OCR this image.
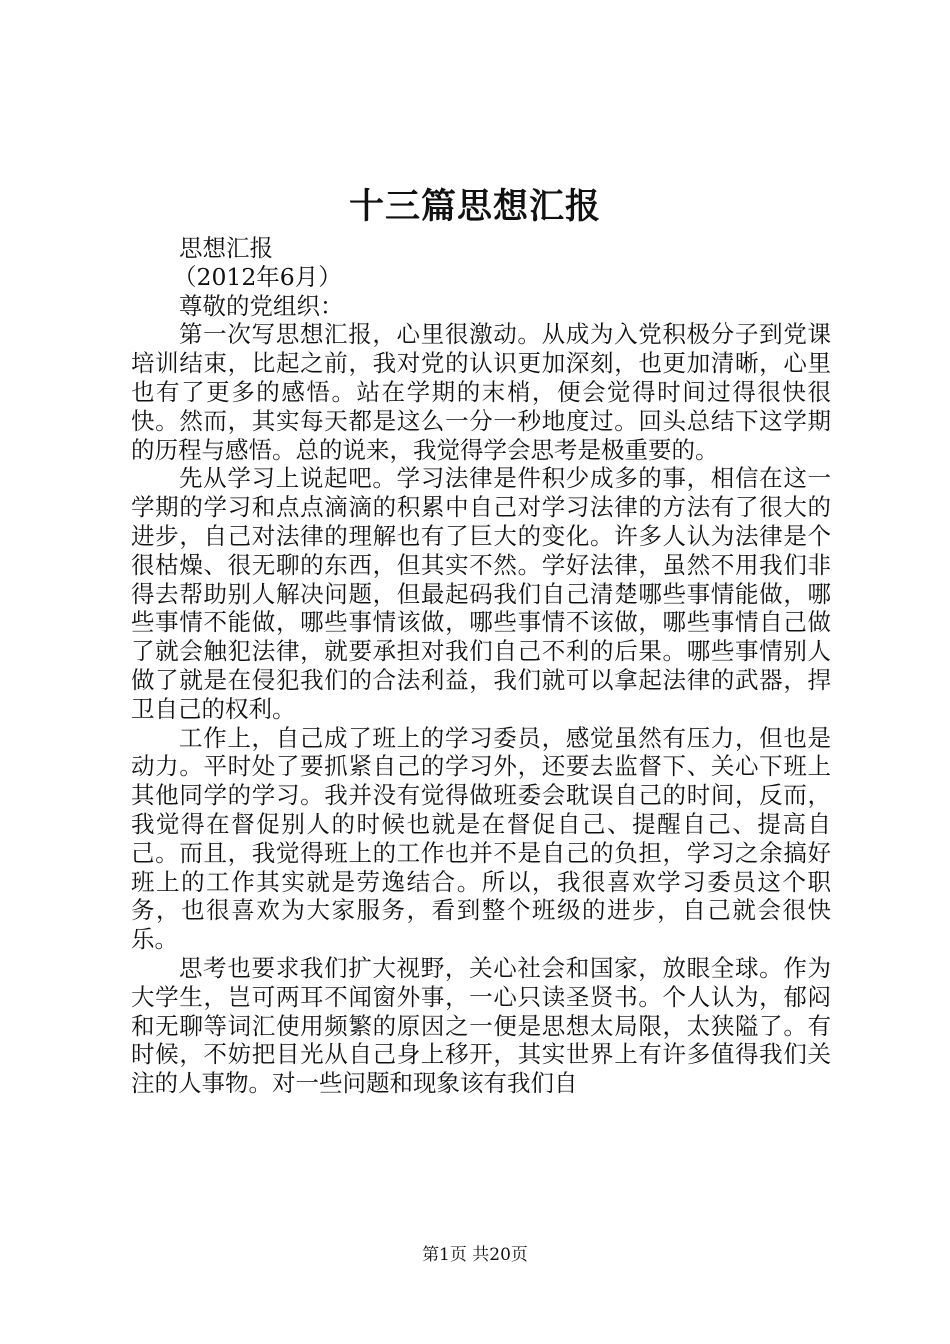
十三篇思想汇报

思想汇报

（2012年6月）

尊敬的党组织：

第一次写思想汇报，心里很激动。从成为入党积极分子到党课培训结束，比起之前，我对党的认识更加深刻，也更加清晰，心里也有了更多的感悟。站在学期的末梢，便会觉得时间过得很快很快。然而，其实每天都是这么一分一秒地度过。回头总结下这学期的历程与感悟。总的说来，我觉得学会思考是极重要的。

先从学习上说起吧。学习法律是件积少成多的事，相信在这一学期的学习和点点滴滴的积累中自己对学习法律的方法有了很大的进步，自己对法律的理解也有了巨大的变化。许多人认为法律是个很枯燥、很无聊的东西，但其实不然。学好法律，虽然不用我们非得去帮助别人解决问题，但最起码我们自己清楚哪些事情能做，哪些事情不能做，哪些事情该做，哪些事情不该做，哪些事情自己做了就会触犯法律，就要承担对我们自己不利的后果。哪些事情别人做了就是在侵犯我们的合法利益，我们就可以拿起法律的武器，捍卫自己的权利。

工作上，自己成了班上的学习委员，感觉虽然有压力，但也是动力。平时处了要抓紧自己的学习外，还要去监督下、关心下班上其他同学的学习。我并没有觉得做班委会耽误自己的时间，反而，我觉得在督促别人的时候也就是在督促自己、提醒自己、提高自己。而且，我觉得班上的工作也并不是自己的负担，学习之余搞好班上的工作其实就是劳逸结合。所以，我很喜欢学习委员这个职务，也很喜欢为大家服务，看到整个班级的进步，自己就会很快乐。

思考也要求我们扩大视野，关心社会和国家，放眼全球。作为大学生，岂可两耳不闻窗外事，一心只读圣贤书。个人认为，郁闷和无聊等词汇使用频繁的原因之一便是思想太局限，太狭隘了。有时候，不妨把目光从自己身上移开，其实世界上有许多值得我们关注的人事物。对一些问题和现象该有我们自

第1页 共20页
